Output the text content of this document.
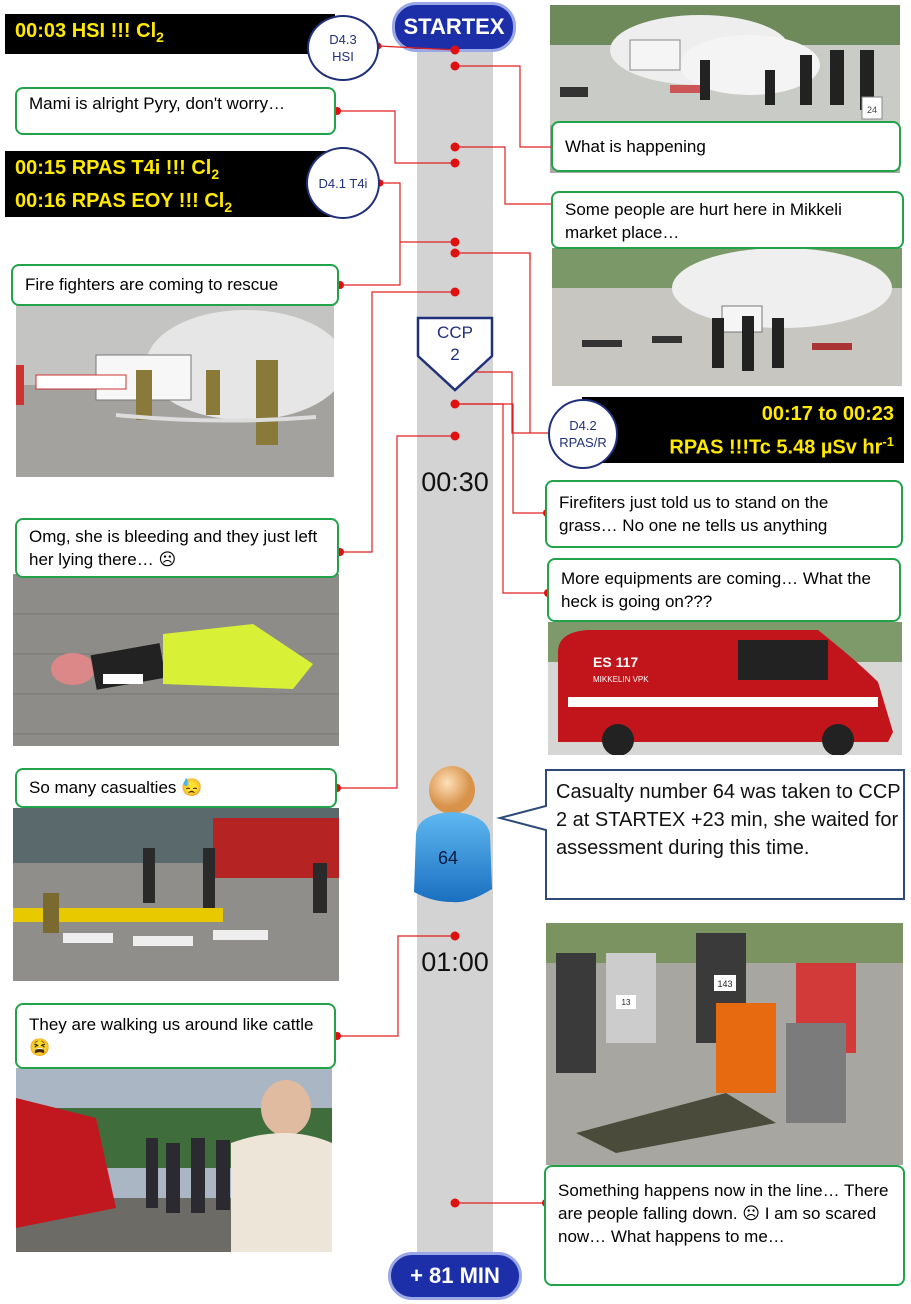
STARTEX
+ 81 MIN
00:30
01:00
24
ES 117
MIKKELIN VPK
143
13
00:03 HSI !!! $Cl_2$	D4.3
HSI
00:15 RPAS T4i !!! $Cl_2$
00:16 RPAS EOY !!! $Cl_2$
D4.1 T4i
00:17 to 00:23
RPAS !!!Tc 5.48 µSv $hr^{-1}$
D4.2
RPAS/R
CCP
2
64
Casualty number 64 was taken to CCP 2 at STARTEX +23 min, she waited for assessment during this time.
Mami is alright Pyry, don't worry…
What is happening
Some people are hurt here in Mikkeli market place…
Fire fighters are coming to rescue
Omg, she is bleeding and they just left her lying there… ☹
Firefiters just told us to stand on the grass… No one ne tells us anything
More equipments are coming… What the heck is going on???
So many casualties 😓
They are walking us around like cattle 😫
Something happens now in the line… There are people falling down. ☹ I am so scared now… What happens to me…
